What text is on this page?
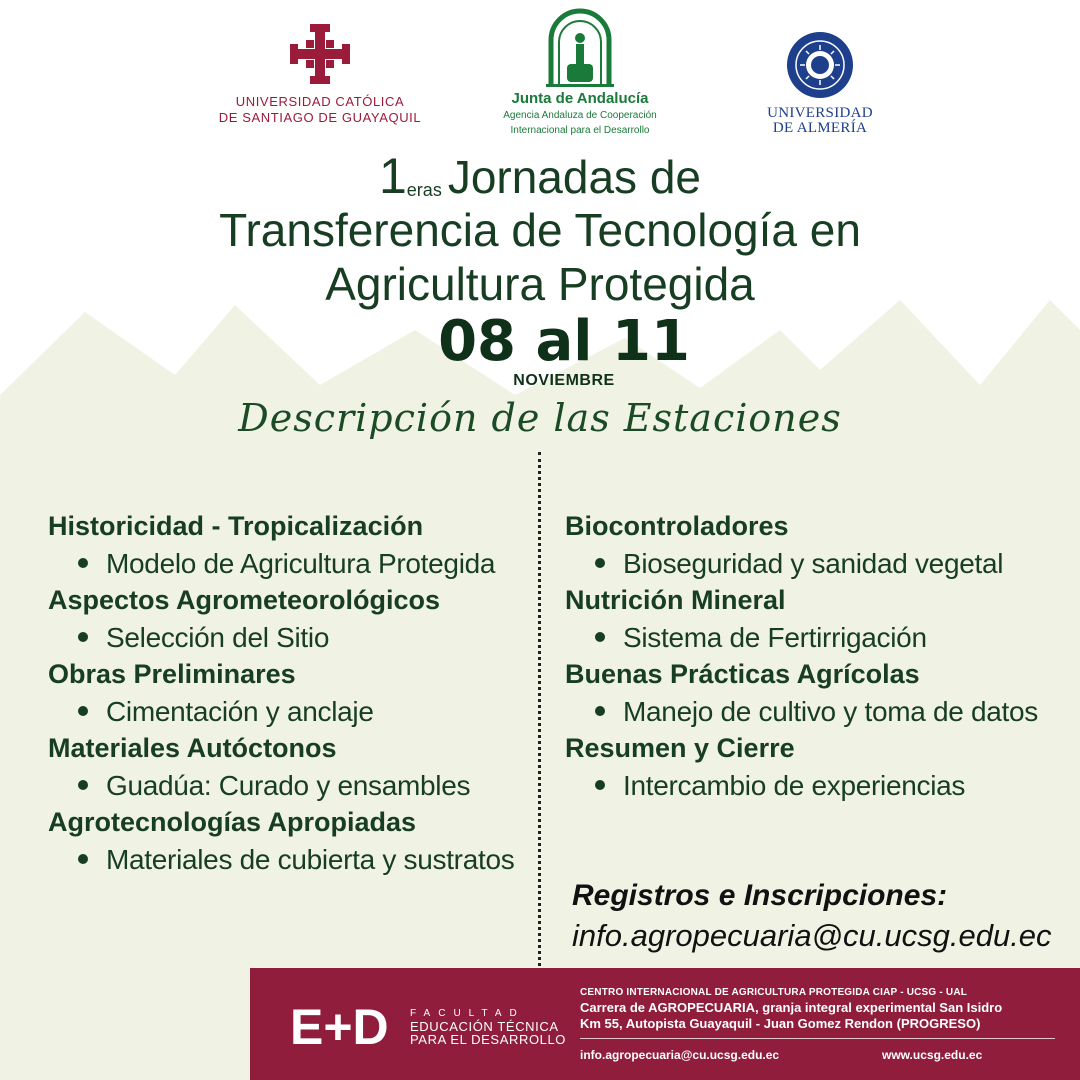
UNIVERSIDAD CATÓLICA
DE SANTIAGO DE GUAYAQUIL
Junta de Andalucía
Agencia Andaluza de Cooperación
Internacional para el Desarrollo
UNIVERSIDAD
DE ALMERÍA
$1^{eras}$ Jornadas de
Transferencia de Tecnología en
Agricultura Protegida
08 al 11
NOVIEMBRE
Descripción de las Estaciones
Historicidad - Tropicalización
Modelo de Agricultura Protegida
Aspectos Agrometeorológicos
Selección del Sitio
Obras Preliminares
Cimentación y anclaje
Materiales Autóctonos
Guadúa: Curado y ensambles
Agrotecnologías Apropiadas
Materiales de cubierta y sustratos
Biocontroladores
Bioseguridad y sanidad vegetal
Nutrición Mineral
Sistema de Fertirrigación
Buenas Prácticas Agrícolas
Manejo de cultivo y toma de datos
Resumen y Cierre
Intercambio de experiencias
Registros e Inscripciones:
info.agropecuaria@cu.ucsg.edu.ec
E+D FACULTAD
EDUCACIÓN TÉCNICA
PARA EL DESARROLLO
CENTRO INTERNACIONAL DE AGRICULTURA PROTEGIDA CIAP - UCSG - UAL
Carrera de AGROPECUARIA, granja integral experimental San Isidro
Km 55, Autopista Guayaquil - Juan Gomez Rendon (PROGRESO)
info.agropecuaria@cu.ucsg.edu.ec	www.ucsg.edu.ec
